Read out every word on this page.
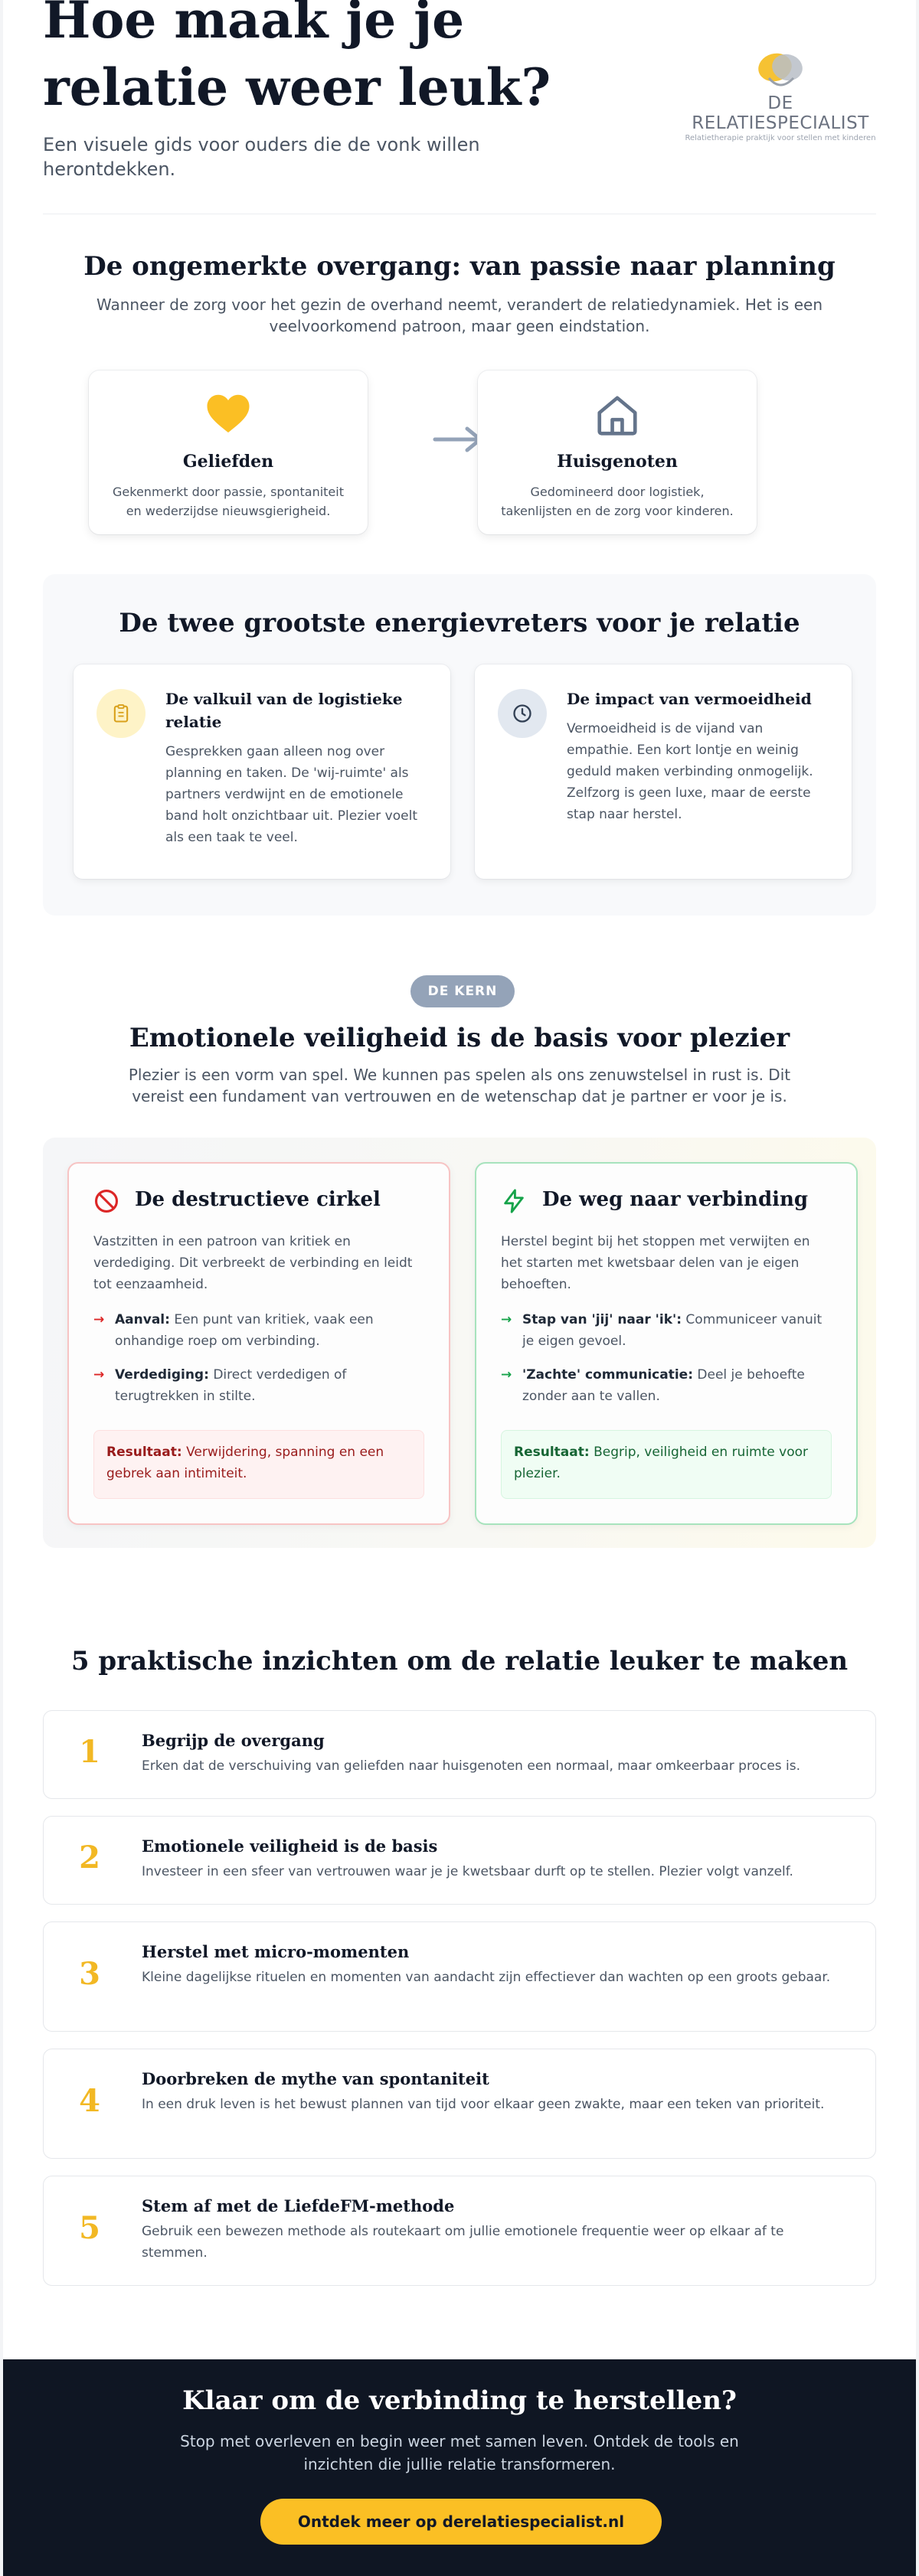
Hoe maak je je relatie weer leuk?

Een visuele gids voor ouders die de vonk willen herontdekken.

DE RELATIESPECIALIST
Relatietherapie praktijk voor stellen met kinderen
De ongemerkte overgang: van passie naar planning

Wanneer de zorg voor het gezin de overhand neemt, verandert de relatiedynamiek. Het is een veelvoorkomend patroon, maar geen eindstation.

Geliefden
Gekenmerkt door passie, spontaniteit en wederzijdse nieuwsgierigheid.
Huisgenoten
Gedomineerd door logistiek, takenlijsten en de zorg voor kinderen.
De twee grootste energievreters voor je relatie
De valkuil van de logistieke relatie
Gesprekken gaan alleen nog over planning en taken. De 'wij-ruimte' als partners verdwijnt en de emotionele band holt onzichtbaar uit. Plezier voelt als een taak te veel.
De impact van vermoeidheid
Vermoeidheid is de vijand van empathie. Een kort lontje en weinig geduld maken verbinding onmogelijk. Zelfzorg is geen luxe, maar de eerste stap naar herstel.
DE KERN
Emotionele veiligheid is de basis voor plezier

Plezier is een vorm van spel. We kunnen pas spelen als ons zenuwstelsel in rust is. Dit vereist een fundament van vertrouwen en de wetenschap dat je partner er voor je is.

De destructieve cirkel
Vastzitten in een patroon van kritiek en verdediging. Dit verbreekt de verbinding en leidt tot eenzaamheid.
→ Aanval: Een punt van kritiek, vaak een onhandige roep om verbinding.
→ Verdediging: Direct verdedigen of terugtrekken in stilte.
Resultaat: Verwijdering, spanning en een gebrek aan intimiteit.
De weg naar verbinding
Herstel begint bij het stoppen met verwijten en het starten met kwetsbaar delen van je eigen behoeften.
→ Stap van 'jij' naar 'ik': Communiceer vanuit je eigen gevoel.
→ 'Zachte' communicatie: Deel je behoefte zonder aan te vallen.
Resultaat: Begrip, veiligheid en ruimte voor plezier.
5 praktische inzichten om de relatie leuker te maken
1	Begrijp de overgang
Erken dat de verschuiving van geliefden naar huisgenoten een normaal, maar omkeerbaar proces is.
2	Emotionele veiligheid is de basis
Investeer in een sfeer van vertrouwen waar je je kwetsbaar durft op te stellen. Plezier volgt vanzelf.
3
Herstel met micro-momenten
Kleine dagelijkse rituelen en momenten van aandacht zijn effectiever dan wachten op een groots gebaar.
4
Doorbreken de mythe van spontaniteit
In een druk leven is het bewust plannen van tijd voor elkaar geen zwakte, maar een teken van prioriteit.
5
Stem af met de LiefdeFM-methode
Gebruik een bewezen methode als routekaart om jullie emotionele frequentie weer op elkaar af te stemmen.
Klaar om de verbinding te herstellen?

Stop met overleven en begin weer met samen leven. Ontdek de tools en inzichten die jullie relatie transformeren.

Ontdek meer op derelatiespecialist.nl
